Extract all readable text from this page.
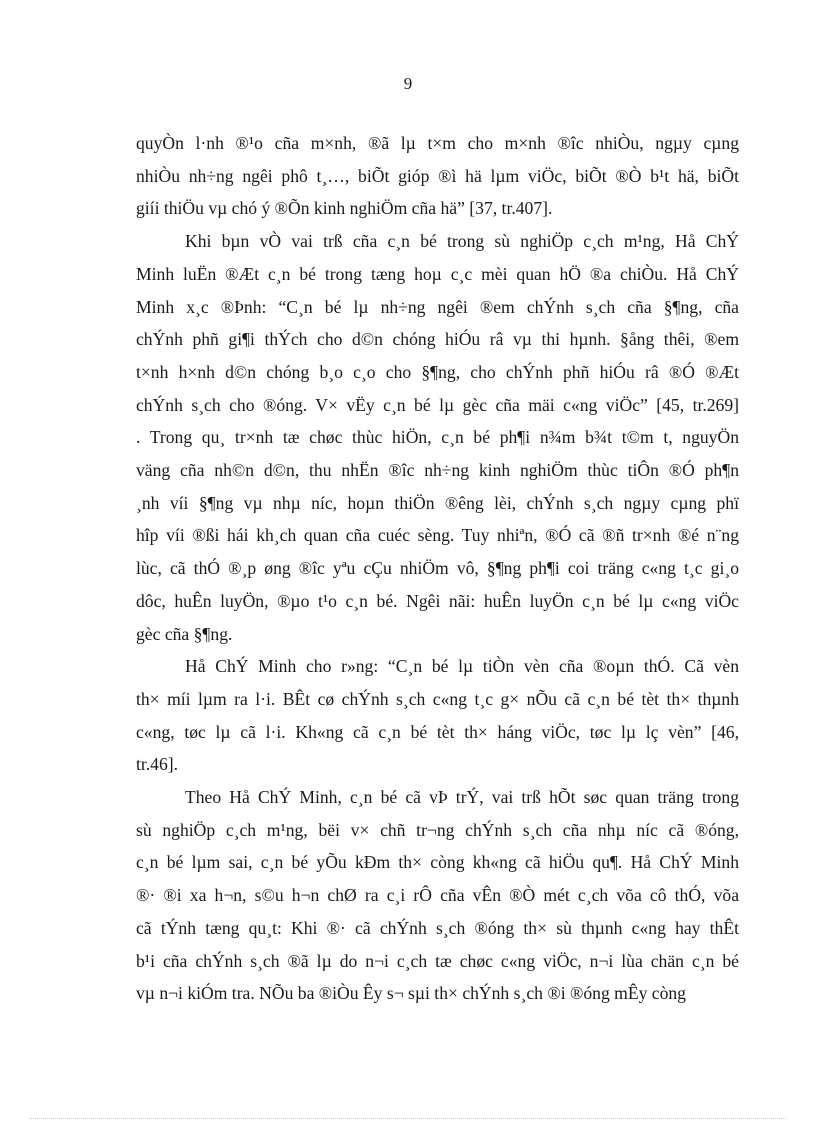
9
quyÒn l·nh ®¹o cña m×nh, ®ã lµ t×m cho m×nh ®îc nhiÒu, ngµy cµng
nhiÒu nh÷ng ngêi phô t¸…, biÕt gióp ®ì hä lµm viÖc, biÕt ®Ò b¹t hä, biÕt
giíi thiÖu vµ chó ý ®Õn kinh nghiÖm cña hä” [37, tr.407].
Khi bµn vÒ vai trß cña c¸n bé trong sù nghiÖp c¸ch m¹ng, Hå ChÝ
Minh luËn ®Æt c¸n bé trong tæng hoµ c¸c mèi quan hÖ ®a chiÒu. Hå ChÝ
Minh x¸c ®Þnh: “C¸n bé lµ nh÷ng ngêi ®em chÝnh s¸ch cña §¶ng, cña
chÝnh phñ gi¶i thÝch cho d©n chóng hiÓu râ vµ thi hµnh. §ång thêi, ®em
t×nh h×nh d©n chóng b¸o c¸o cho §¶ng, cho chÝnh phñ hiÓu râ ®Ó ®Æt
chÝnh s¸ch cho ®óng. V× vËy c¸n bé lµ gèc cña mäi c«ng viÖc” [45, tr.269]
. Trong qu¸ tr×nh tæ chøc thùc hiÖn, c¸n bé ph¶i n¾m b¾t t©m t, nguyÖn
väng cña nh©n d©n, thu nhËn ®îc nh÷ng kinh nghiÖm thùc tiÔn ®Ó ph¶n
¸nh víi §¶ng vµ nhµ níc, hoµn thiÖn ®êng lèi, chÝnh s¸ch ngµy cµng phï
hîp víi ®ßi hái kh¸ch quan cña cuéc sèng. Tuy nhiªn, ®Ó cã ®ñ tr×nh ®é n¨ng
lùc, cã thÓ ®¸p øng ®îc yªu cÇu nhiÖm vô, §¶ng ph¶i coi träng c«ng t¸c gi¸o
dôc, huÊn luyÖn, ®µo t¹o c¸n bé. Ngêi nãi: huÊn luyÖn c¸n bé lµ c«ng viÖc
gèc cña §¶ng.
Hå ChÝ Minh cho r»ng: “C¸n bé lµ tiÒn vèn cña ®oµn thÓ. Cã vèn
th× míi lµm ra l·i. BÊt cø chÝnh s¸ch c«ng t¸c g× nÕu cã c¸n bé tèt th× thµnh
c«ng, tøc lµ cã l·i. Kh«ng cã c¸n bé tèt th× háng viÖc, tøc lµ lç vèn” [46,
tr.46].
Theo Hå ChÝ Minh, c¸n bé cã vÞ trÝ, vai trß hÕt søc quan träng trong
sù nghiÖp c¸ch m¹ng, bëi v× chñ tr¬ng chÝnh s¸ch cña nhµ níc cã ®óng,
c¸n bé lµm sai, c¸n bé yÕu kÐm th× còng kh«ng cã hiÖu qu¶. Hå ChÝ Minh
®· ®i xa h¬n, s©u h¬n chØ ra c¸i rÔ cña vÊn ®Ò mét c¸ch võa cô thÓ, võa
cã tÝnh tæng qu¸t: Khi ®· cã chÝnh s¸ch ®óng th× sù thµnh c«ng hay thÊt
b¹i cña chÝnh s¸ch ®ã lµ do n¬i c¸ch tæ chøc c«ng viÖc, n¬i lùa chän c¸n bé
vµ n¬i kiÓm tra. NÕu ba ®iÒu Êy s¬ sµi th× chÝnh s¸ch ®i ®óng mÊy còng
